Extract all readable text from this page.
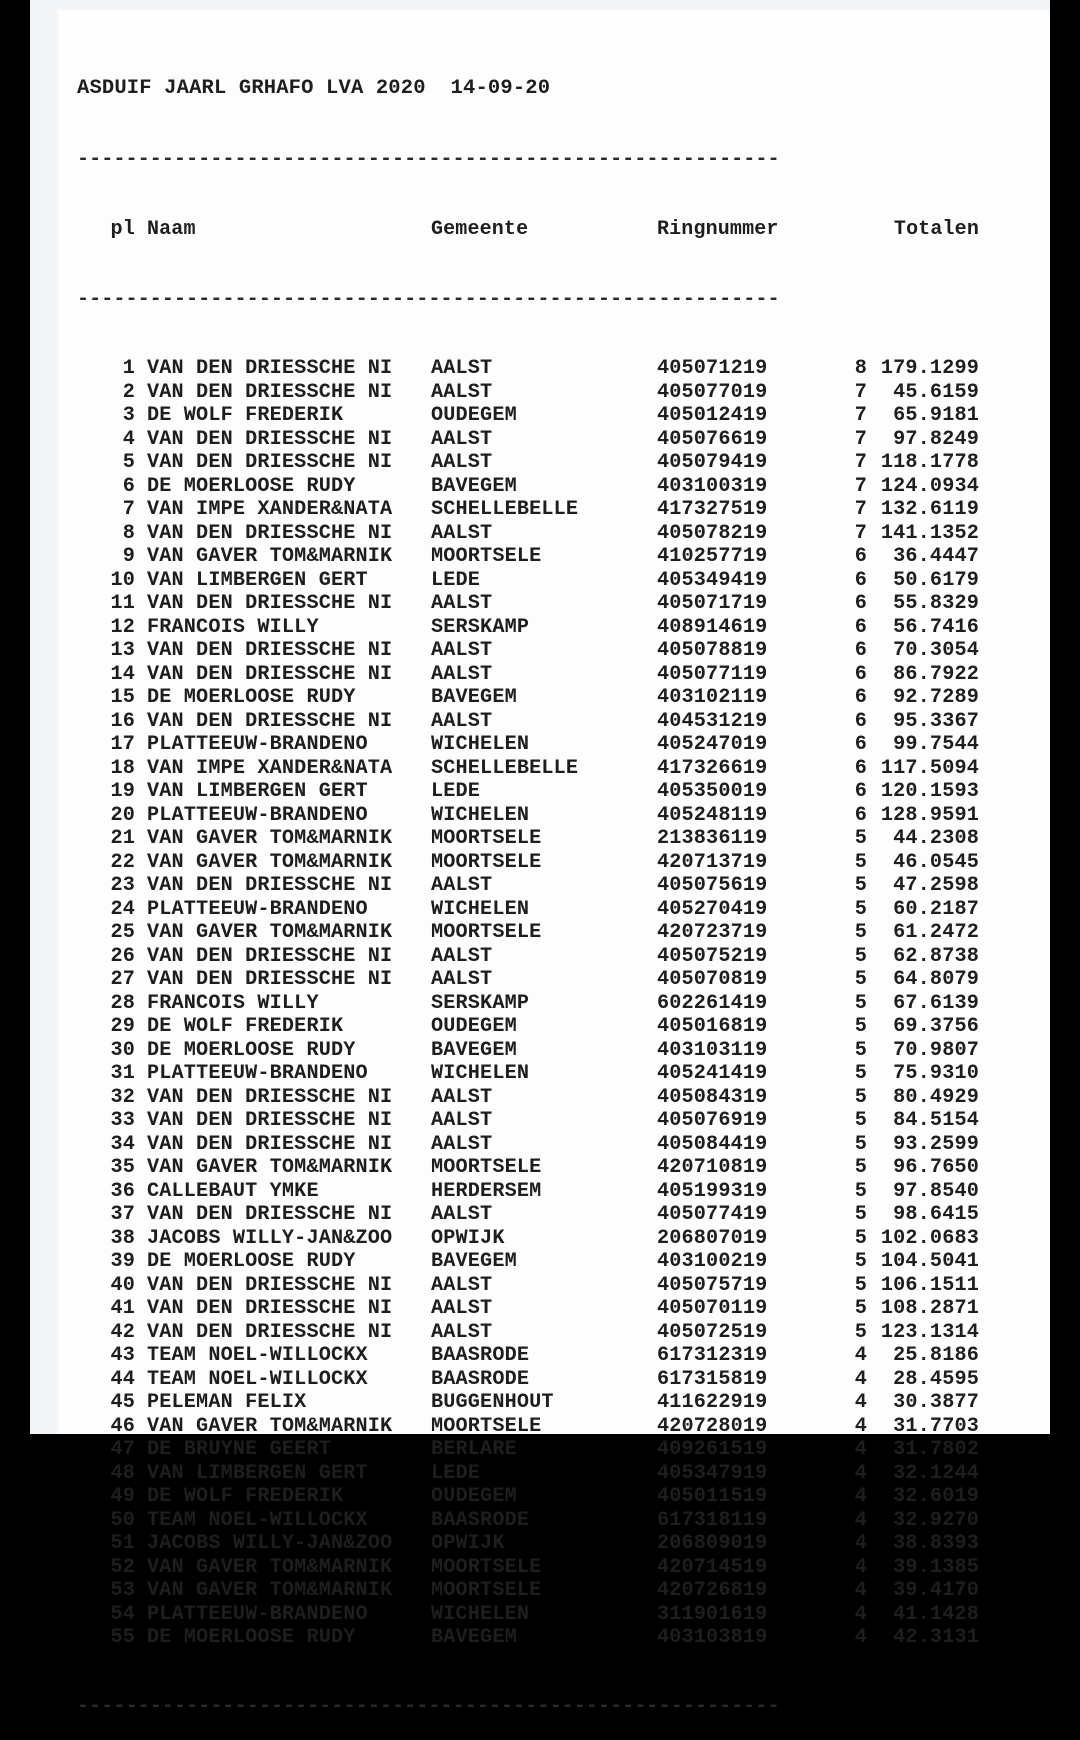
ASDUIF JAARL GRHAFO LVA 2020  14-09-20

----------------------------------------------------------

pl Naam	Gemeente	Ringnummer	Totalen

----------------------------------------------------------

1 VAN DEN DRIESSCHE NI	AALST	405071219	8 179.1299
2 VAN DEN DRIESSCHE NI	AALST	405077019	7	45.6159
3 DE WOLF FREDERIK	OUDEGEM	405012419	7	65.9181
4 VAN DEN DRIESSCHE NI	AALST	405076619	7	97.8249
5 VAN DEN DRIESSCHE NI	AALST	405079419	7 118.1778
6 DE MOERLOOSE RUDY	BAVEGEM	403100319	7 124.0934
7 VAN IMPE XANDER&NATA	SCHELLEBELLE	417327519	7 132.6119
8 VAN DEN DRIESSCHE NI	AALST	405078219	7 141.1352
9 VAN GAVER TOM&MARNIK	MOORTSELE	410257719	6	36.4447
10 VAN LIMBERGEN GERT	LEDE	405349419	6	50.6179
11 VAN DEN DRIESSCHE NI	AALST	405071719	6	55.8329
12 FRANCOIS WILLY	SERSKAMP	408914619	6	56.7416
13 VAN DEN DRIESSCHE NI	AALST	405078819	6	70.3054
14 VAN DEN DRIESSCHE NI	AALST	405077119	6	86.7922
15 DE MOERLOOSE RUDY	BAVEGEM	403102119	6	92.7289
16 VAN DEN DRIESSCHE NI	AALST	404531219	6	95.3367
17 PLATTEEUW-BRANDENO	WICHELEN	405247019	6	99.7544
18 VAN IMPE XANDER&NATA	SCHELLEBELLE	417326619	6 117.5094
19 VAN LIMBERGEN GERT	LEDE	405350019	6 120.1593
20 PLATTEEUW-BRANDENO	WICHELEN	405248119	6 128.9591
21 VAN GAVER TOM&MARNIK	MOORTSELE	213836119	5	44.2308
22 VAN GAVER TOM&MARNIK	MOORTSELE	420713719	5	46.0545
23 VAN DEN DRIESSCHE NI	AALST	405075619	5	47.2598
24 PLATTEEUW-BRANDENO	WICHELEN	405270419	5	60.2187
25 VAN GAVER TOM&MARNIK	MOORTSELE	420723719	5	61.2472
26 VAN DEN DRIESSCHE NI	AALST	405075219	5	62.8738
27 VAN DEN DRIESSCHE NI	AALST	405070819	5	64.8079
28 FRANCOIS WILLY	SERSKAMP	602261419	5	67.6139
29 DE WOLF FREDERIK	OUDEGEM	405016819	5	69.3756
30 DE MOERLOOSE RUDY	BAVEGEM	403103119	5	70.9807
31 PLATTEEUW-BRANDENO	WICHELEN	405241419	5	75.9310
32 VAN DEN DRIESSCHE NI	AALST	405084319	5	80.4929
33 VAN DEN DRIESSCHE NI	AALST	405076919	5	84.5154
34 VAN DEN DRIESSCHE NI	AALST	405084419	5	93.2599
35 VAN GAVER TOM&MARNIK	MOORTSELE	420710819	5	96.7650
36 CALLEBAUT YMKE	HERDERSEM	405199319	5	97.8540
37 VAN DEN DRIESSCHE NI	AALST	405077419	5	98.6415
38 JACOBS WILLY-JAN&ZOO	OPWIJK	206807019	5 102.0683
39 DE MOERLOOSE RUDY	BAVEGEM	403100219	5 104.5041
40 VAN DEN DRIESSCHE NI	AALST	405075719	5 106.1511
41 VAN DEN DRIESSCHE NI	AALST	405070119	5 108.2871
42 VAN DEN DRIESSCHE NI	AALST	405072519	5 123.1314
43 TEAM NOEL-WILLOCKX	BAASRODE	617312319	4	25.8186
44 TEAM NOEL-WILLOCKX	BAASRODE	617315819	4	28.4595
45 PELEMAN FELIX	BUGGENHOUT	411622919	4	30.3877
46 VAN GAVER TOM&MARNIK	MOORTSELE	420728019	4	31.7703
47 DE BRUYNE GEERT	BERLARE	409261519	4	31.7802
48 VAN LIMBERGEN GERT	LEDE	405347919	4	32.1244
49 DE WOLF FREDERIK	OUDEGEM	405011519	4	32.6019
50 TEAM NOEL-WILLOCKX	BAASRODE	617318119	4	32.9270
51 JACOBS WILLY-JAN&ZOO	OPWIJK	206809019	4	38.8393
52 VAN GAVER TOM&MARNIK	MOORTSELE	420714519	4	39.1385
53 VAN GAVER TOM&MARNIK	MOORTSELE	420726819	4	39.4170
54 PLATTEEUW-BRANDENO	WICHELEN	311901619	4	41.1428
55 DE MOERLOOSE RUDY	BAVEGEM	403103819	4	42.3131

----------------------------------------------------------
